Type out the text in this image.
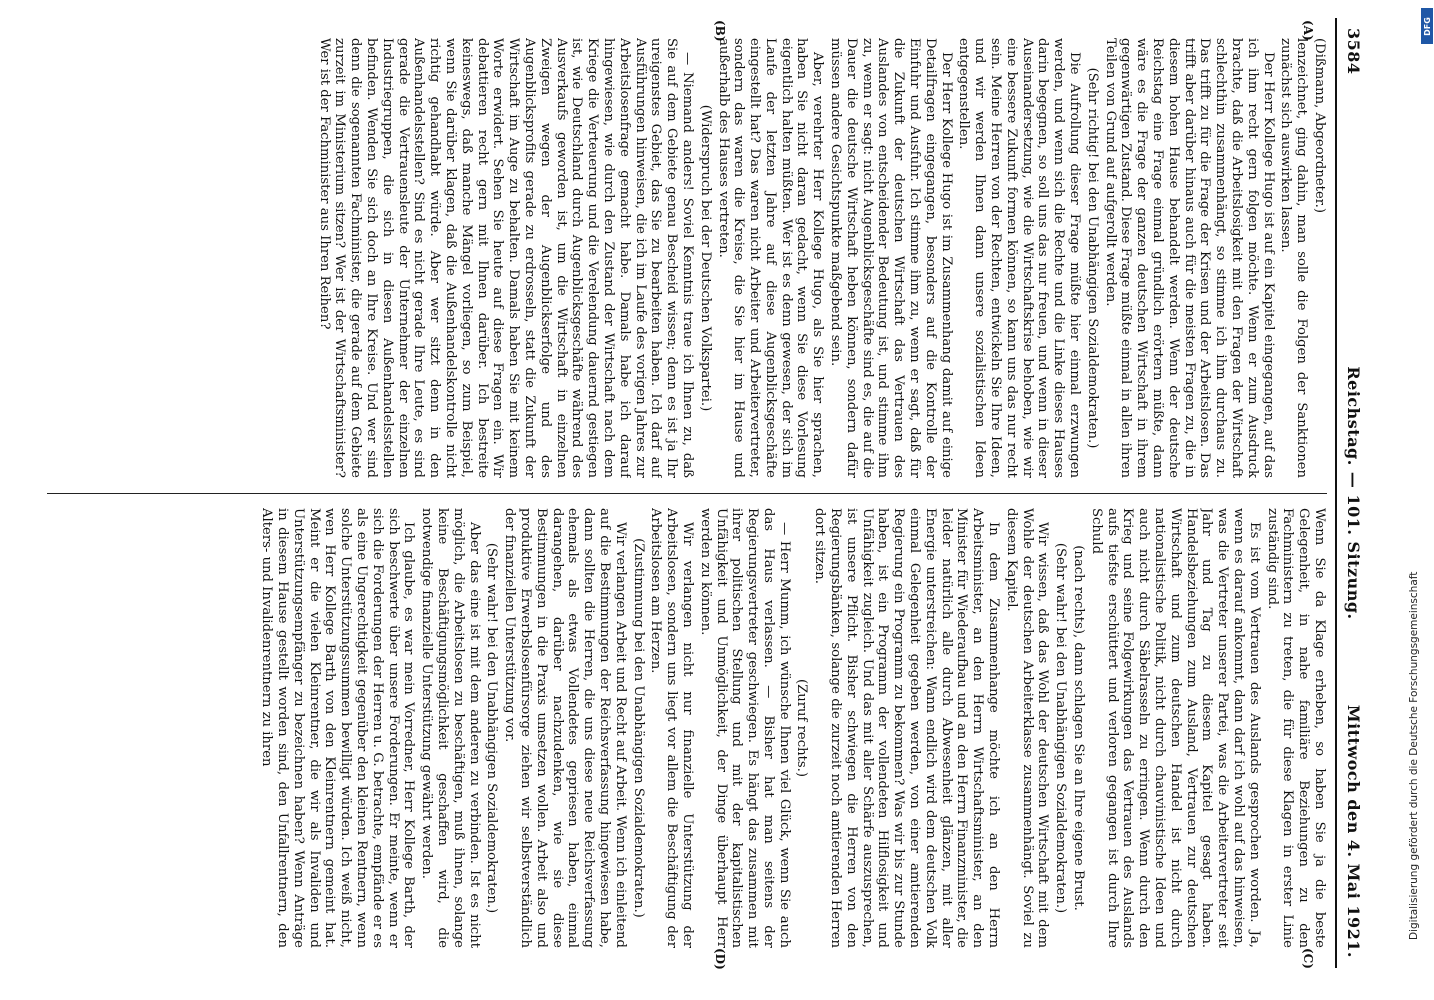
3584
Reichstag. — 101. Sitzung.
Mittwoch den 4. Mai 1921.
(A)
(B)
(C)
(D)

(Dißmann, Abgeordneter.)

lenzeichnet, ging dahin, man solle die Folgen der Sanktionen zunächst sich auswirken lassen.

Der Herr Kollege Hugo ist auf ein Kapitel eingegangen, auf das ich ihm recht gern folgen möchte. Wenn er zum Ausdruck brachte, daß die Arbeitslosigkeit mit den Fragen der Wirtschaft schlechthin zusammenhängt, so stimme ich ihm durchaus zu. Das trifft zu für die Frage der Krisen und der Arbeitslosen. Das trifft aber darüber hinaus auch für die meisten Fragen zu, die in diesem hohen Hause behandelt werden. Wenn der deutsche Reichstag eine Frage einmal gründlich erörtern müßte, dann wäre es die Frage der ganzen deutschen Wirtschaft in ihrem gegenwärtigen Zustand. Diese Frage müßte einmal in allen ihren Teilen von Grund auf aufgerollt werden.

(Sehr richtig! bei den Unabhängigen Sozialdemokraten.)

Die Aufrollung dieser Frage müßte hier einmal erzwungen werden, und wenn sich die Rechte und die Linke dieses Hauses darin begegnen, so soll uns das nur freuen, und wenn in dieser Auseinandersetzung, wie die Wirtschaftskrise behoben, wie wir eine bessere Zukunft formen können, so kann uns das nur recht sein. Meine Herren von der Rechten, entwickeln Sie Ihre Ideen, und wir werden Ihnen dann unsere sozialistischen Ideen entgegenstellen.

Der Herr Kollege Hugo ist im Zusammenhang damit auf einige Detailfragen eingegangen, besonders auf die Kontrolle der Einfuhr und Ausfuhr. Ich stimme ihm zu, wenn er sagt, daß für die Zukunft der deutschen Wirtschaft das Vertrauen des Auslandes von entscheidender Bedeutung ist, und stimme ihm zu, wenn er sagt: nicht Augenblicksgeschäfte sind es, die auf die Dauer die deutsche Wirtschaft heben können, sondern dafür müssen andere Gesichtspunkte maßgebend sein.

Aber, verehrter Herr Kollege Hugo, als Sie hier sprachen, haben Sie nicht daran gedacht, wenn Sie diese Vorlesung eigentlich halten müßten. Wer ist es denn gewesen, der sich im Laufe der letzten Jahre auf diese Augenblicksgeschäfte eingestellt hat? Das waren nicht Arbeiter und Arbeitervertreter, sondern das waren die Kreise, die Sie hier im Hause und außerhalb des Hauses vertreten.

(Widerspruch bei der Deutschen Volkspartei.)

— Niemand anders! Soviel Kenntnis traue ich Ihnen zu, daß Sie auf dem Gebiete genau Bescheid wissen; denn es ist ja Ihr ureigenstes Gebiet, das Sie zu bearbeiten haben. Ich darf auf Ausführungen hinweisen, die ich im Laufe des vorigen Jahres zur Arbeitslosenfrage gemacht habe. Damals habe ich darauf hingewiesen, wie durch den Zustand der Wirtschaft nach dem Kriege die Verteuerung und die Verelendung dauernd gestiegen ist, wie Deutschland durch Augenblicksgeschäfte während des Ausverkaufs geworden ist, um die Wirtschaft in einzelnen Zweigen wegen der Augenblickserfolge und des Augenblicksprofits gerade zu erdrosseln, statt die Zukunft der Wirtschaft im Auge zu behalten. Damals haben Sie mit keinem Worte erwidert. Sehen Sie heute auf diese Fragen ein. Wir debattieren recht gern mit Ihnen darüber. Ich bestreite keineswegs, daß manche Mängel vorliegen, so zum Beispiel, wenn Sie darüber klagen, daß die Außenhandelskontrolle nicht richtig gehandhabt würde. Aber wer sitzt denn in den Außenhandelsstellen? Sind es nicht gerade Ihre Leute, es sind gerade die Vertrauensleute der Unternehmer der einzelnen Industriegruppen, die sich in diesen Außenhandelsstellen befinden. Wenden Sie sich doch an Ihre Kreise. Und wer sind denn die sogenannten Fachminister, die gerade auf dem Gebiete zurzeit im Ministerium sitzen? Wer ist der Wirtschaftsminister? Wer ist der Fachminister aus Ihren Reihen?

Wenn Sie da Klage erheben, so haben Sie ja die beste Gelegenheit, in nahe familiäre Beziehungen zu den Fachministern zu treten, die für diese Klagen in erster Linie zuständig sind.

Es ist vom Vertrauen des Auslands gesprochen worden. Ja, wenn es darauf ankommt, dann darf ich wohl auf das hinweisen, was die Vertreter unserer Partei, was die Arbeitervertreter seit Jahr und Tag zu diesem Kapitel gesagt haben. Handelsbeziehungen zum Ausland, Vertrauen zur deutschen Wirtschaft und zum deutschen Handel ist nicht durch nationalistische Politik, nicht durch chauvinistische Ideen und auch nicht durch Säbelrasseln zu erringen. Wenn durch den Krieg und seine Folgewirkungen das Vertrauen des Auslands aufs tiefste erschüttert und verloren gegangen ist durch Ihre Schuld

(nach rechts), dann schlagen Sie an Ihre eigene Brust.

(Sehr wahr! bei den Unabhängigen Sozialdemokraten.)

Wir wissen, daß das Wohl der deutschen Wirtschaft mit dem Wohle der deutschen Arbeiterklasse zusammenhängt. Soviel zu diesem Kapitel.

In dem Zusammenhange möchte ich an den Herrn Arbeitsminister, an den Herrn Wirtschaftsminister, an den Minister für Wiederaufbau und an den Herrn Finanzminister, die leider natürlich alle durch Abwesenheit glänzen, mit aller Energie unterstreichen: Wann endlich wird dem deutschen Volk einmal Gelegenheit gegeben werden, von einer amtierenden Regierung ein Programm zu bekommen? Was wir bis zur Stunde haben, ist ein Programm der vollendeten Hilflosigkeit und Unfähigkeit zugleich. Und das mit aller Schärfe auszusprechen, ist unsere Pflicht. Bisher schwiegen die Herren von den Regierungsbänken, solange die zurzeit noch amtierenden Herren dort sitzen.

(Zuruf rechts.)

— Herr Mumm, ich wünsche Ihnen viel Glück, wenn Sie auch das Haus verlassen. — Bisher hat man seitens der Regierungsvertreter geschwiegen. Es hängt das zusammen mit ihrer politischen Stellung und mit der kapitalistischen Unfähigkeit und Unmöglichkeit, der Dinge überhaupt Herr werden zu können.

Wir verlangen nicht nur finanzielle Unterstützung der Arbeitslosen, sondern uns liegt vor allem die Beschäftigung der Arbeitslosen am Herzen.

(Zustimmung bei den Unabhängigen Sozialdemokraten.)

Wir verlangen Arbeit und Recht auf Arbeit. Wenn ich einleitend auf die Bestimmungen der Reichsverfassung hingewiesen habe, dann sollten die Herren, die uns diese neue Reichsverfassung ehemals als etwas Vollendetes gepriesen haben, einmal darangehen, darüber nachzudenken, wie sie diese Bestimmungen in die Praxis umsetzen wollen. Arbeit also und produktive Erwerbslosenfürsorge ziehen wir selbstverständlich der finanziellen Unterstützung vor.

(Sehr wahr! bei den Unabhängigen Sozialdemokraten.)

Aber das eine ist mit dem anderen zu verbinden. Ist es nicht möglich, die Arbeitslosen zu beschäftigen, muß ihnen, solange keine Beschäftigungsmöglichkeit geschaffen wird, die notwendige finanzielle Unterstützung gewährt werden.

Ich glaube, es war mein Vorredner, Herr Kollege Barth, der sich beschwerte über unsere Forderungen. Er meinte, wenn er sich die Forderungen der Herren u. G. betrachte, empfände er es als eine Ungerechtigkeit gegenüber den kleinen Rentnern, wenn solche Unterstützungssummen bewilligt würden. Ich weiß nicht, wen Herr Kollege Barth von den Kleinrentnern gemeint hat. Meint er die vielen Kleinrentner, die wir als Invaliden und Unterstützungsempfänger zu bezeichnen haben? Wenn Anträge in diesem Hause gestellt worden sind, den Unfallrentnern, den Alters- und Invalidenrentnern zu ihren	Digitalisierung gefördert durch die Deutsche Forschungsgemeinschaft
DFG
